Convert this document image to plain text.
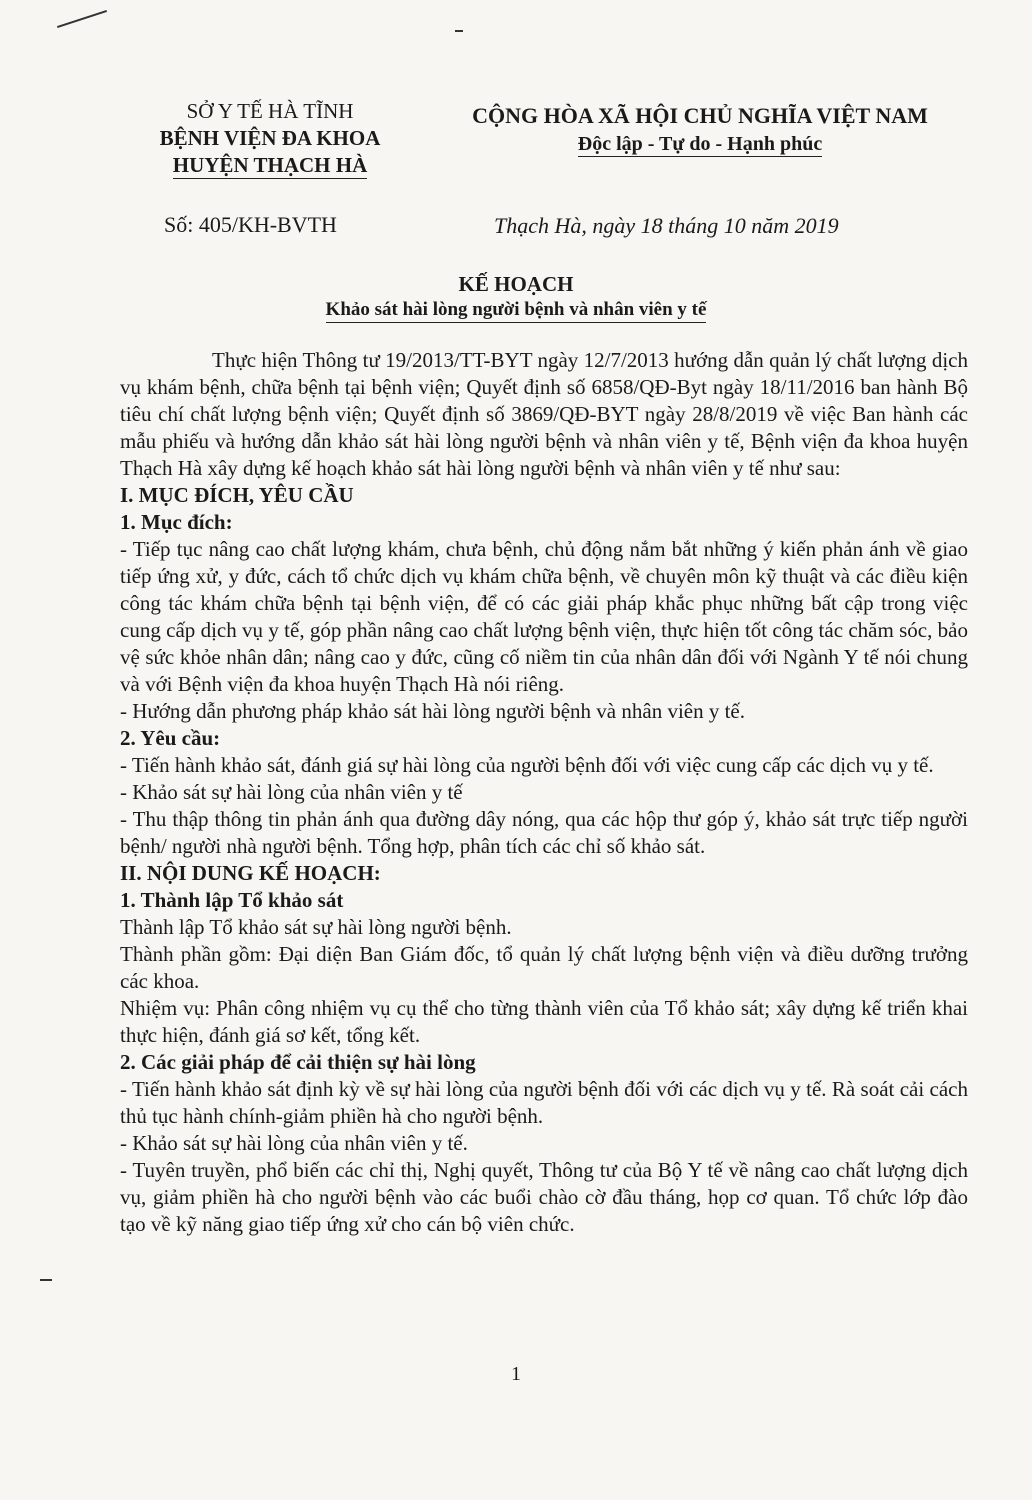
SỞ Y TẾ HÀ TĨNH
BỆNH VIỆN ĐA KHOA
HUYỆN THẠCH HÀ
CỘNG HÒA XÃ HỘI CHỦ NGHĨA VIỆT NAM
Độc lập - Tự do - Hạnh phúc
Số: 405/KH-BVTH	Thạch Hà, ngày 18 tháng 10 năm 2019
KẾ HOẠCH
Khảo sát hài lòng người bệnh và nhân viên y tế

Thực hiện Thông tư 19/2013/TT-BYT ngày 12/7/2013 hướng dẫn quản lý chất lượng dịch vụ khám bệnh, chữa bệnh tại bệnh viện; Quyết định số 6858/QĐ-Byt ngày 18/11/2016 ban hành Bộ tiêu chí chất lượng bệnh viện; Quyết định số 3869/QĐ-BYT ngày 28/8/2019 về việc Ban hành các mẫu phiếu và hướng dẫn khảo sát hài lòng người bệnh và nhân viên y tế, Bệnh viện đa khoa huyện Thạch Hà xây dựng kế hoạch khảo sát hài lòng người bệnh và nhân viên y tế như sau:

I. MỤC ĐÍCH, YÊU CẦU

1. Mục đích:

- Tiếp tục nâng cao chất lượng khám, chưa bệnh, chủ động nắm bắt những ý kiến phản ánh về giao tiếp ứng xử, y đức, cách tổ chức dịch vụ khám chữa bệnh, về chuyên môn kỹ thuật và các điều kiện công tác khám chữa bệnh tại bệnh viện, để có các giải pháp khắc phục những bất cập trong việc cung cấp dịch vụ y tế, góp phần nâng cao chất lượng bệnh viện, thực hiện tốt công tác chăm sóc, bảo vệ sức khỏe nhân dân; nâng cao y đức, cũng cố niềm tin của nhân dân đối với Ngành Y tế nói chung và với Bệnh viện đa khoa huyện Thạch Hà nói riêng.

- Hướng dẫn phương pháp khảo sát hài lòng người bệnh và nhân viên y tế.

2. Yêu cầu:

- Tiến hành khảo sát, đánh giá sự hài lòng của người bệnh đối với việc cung cấp các dịch vụ y tế.

- Khảo sát sự hài lòng của nhân viên y tế

- Thu thập thông tin phản ánh qua đường dây nóng, qua các hộp thư góp ý, khảo sát trực tiếp người bệnh/ người nhà người bệnh. Tổng hợp, phân tích các chỉ số khảo sát.

II. NỘI DUNG KẾ HOẠCH:

1. Thành lập Tổ khảo sát

Thành lập Tổ khảo sát sự hài lòng người bệnh.

Thành phần gồm: Đại diện Ban Giám đốc, tổ quản lý chất lượng bệnh viện và điều dưỡng trưởng các khoa.

Nhiệm vụ: Phân công nhiệm vụ cụ thể cho từng thành viên của Tổ khảo sát; xây dựng kế triển khai thực hiện, đánh giá sơ kết, tổng kết.

2. Các giải pháp để cải thiện sự hài lòng

- Tiến hành khảo sát định kỳ về sự hài lòng của người bệnh đối với các dịch vụ y tế. Rà soát cải cách thủ tục hành chính-giảm phiền hà cho người bệnh.

- Khảo sát sự hài lòng của nhân viên y tế.

- Tuyên truyền, phổ biến các chỉ thị, Nghị quyết, Thông tư của Bộ Y tế về nâng cao chất lượng dịch vụ, giảm phiền hà cho người bệnh vào các buổi chào cờ đầu tháng, họp cơ quan. Tổ chức lớp đào tạo về kỹ năng giao tiếp ứng xử cho cán bộ viên chức.

1
